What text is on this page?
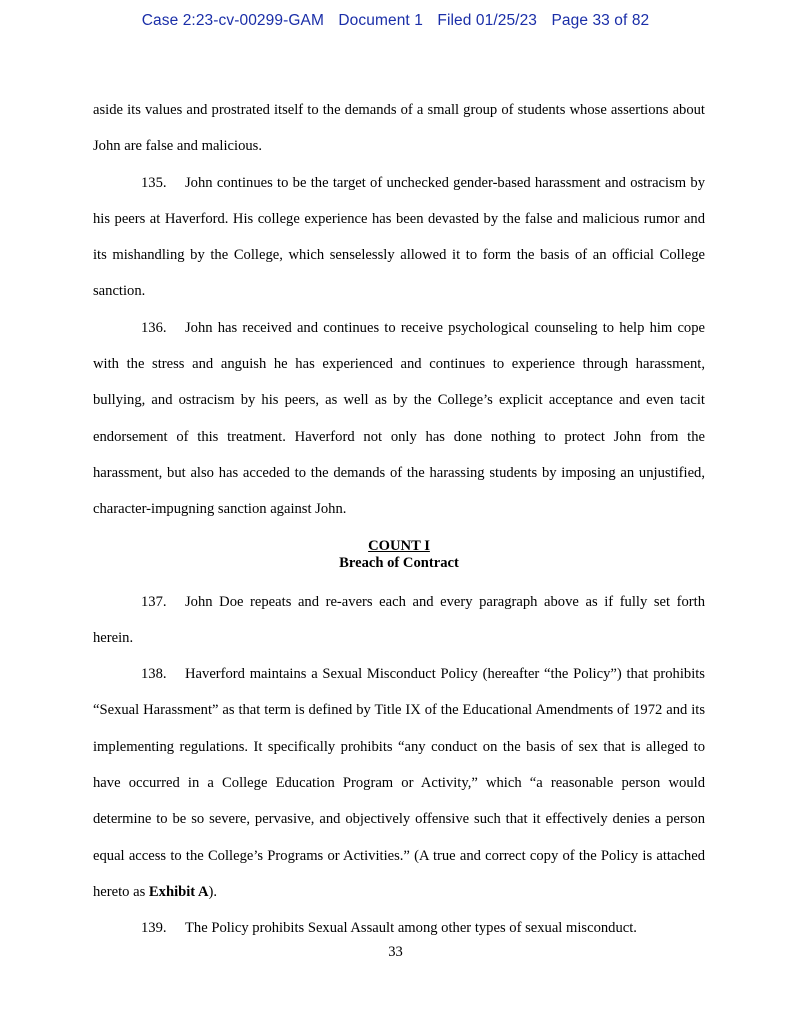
Case 2:23-cv-00299-GAM Document 1 Filed 01/25/23 Page 33 of 82

aside its values and prostrated itself to the demands of a small group of students whose assertions about John are false and malicious.

135. John continues to be the target of unchecked gender-based harassment and ostracism by his peers at Haverford. His college experience has been devasted by the false and malicious rumor and its mishandling by the College, which senselessly allowed it to form the basis of an official College sanction.

136. John has received and continues to receive psychological counseling to help him cope with the stress and anguish he has experienced and continues to experience through harassment, bullying, and ostracism by his peers, as well as by the College’s explicit acceptance and even tacit endorsement of this treatment. Haverford not only has done nothing to protect John from the harassment, but also has acceded to the demands of the harassing students by imposing an unjustified, character-impugning sanction against John.

COUNT I
Breach of Contract

137. John Doe repeats and re-avers each and every paragraph above as if fully set forth herein.

138. Haverford maintains a Sexual Misconduct Policy (hereafter “the Policy”) that prohibits “Sexual Harassment” as that term is defined by Title IX of the Educational Amendments of 1972 and its implementing regulations. It specifically prohibits “any conduct on the basis of sex that is alleged to have occurred in a College Education Program or Activity,” which “a reasonable person would determine to be so severe, pervasive, and objectively offensive such that it effectively denies a person equal access to the College’s Programs or Activities.” (A true and correct copy of the Policy is attached hereto as Exhibit A).

139. The Policy prohibits Sexual Assault among other types of sexual misconduct.

33
